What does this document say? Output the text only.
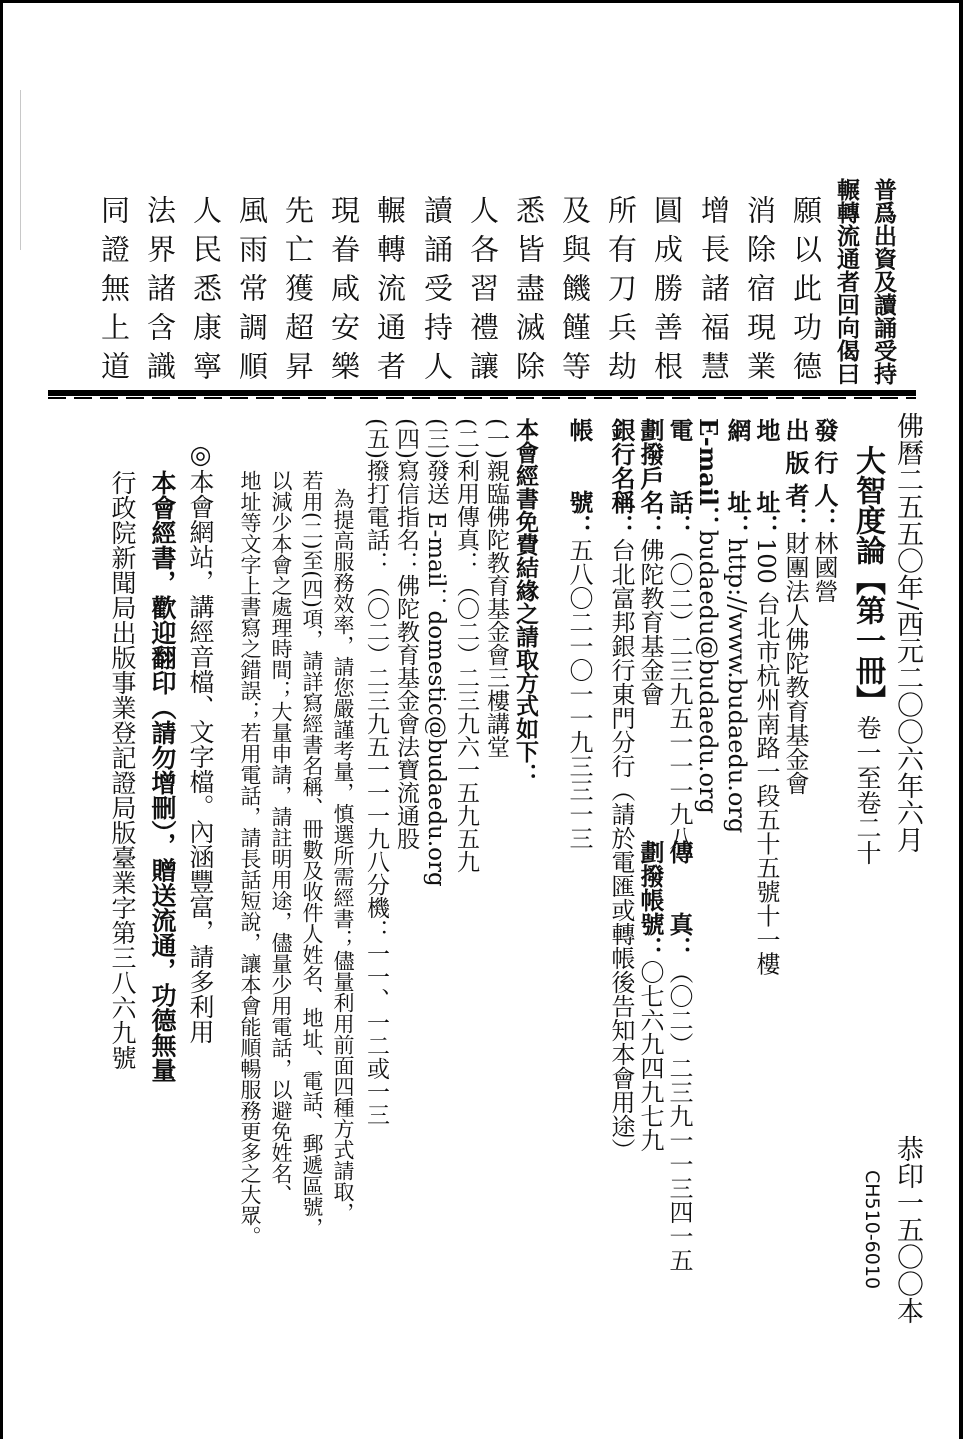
普爲出資及讀誦受持
輾轉流通者回向偈曰
願以此功德
消除宿現業
增長諸福慧
圓成勝善根
所有刀兵劫
及與饑饉等
悉皆盡滅除
人各習禮讓
讀誦受持人
輾轉流通者
現眷咸安樂
先亡獲超昇
風雨常調順
人民悉康寧
法界諸含識
同證無上道
佛曆二五五〇年/西元二〇〇六年六月
恭印一五〇〇本
CH510-6010
大智度論【第一冊】卷一至卷二十
發 行 人：林國營
出 版 者：財團法人佛陀教育基金會
地　　址：100 台北市杭州南路一段五十五號十一樓
網　　址：http://www.budaedu.org
E-mail：budaedu@budaedu.org
電　　話：（〇二）二三九五一一一九八
傳　　真：（〇二）二三九一一三四一五
劃撥戶名：佛陀教育基金會
劃撥帳號：〇七六九四九七九
銀行名稱：台北富邦銀行東門分行（請於電匯或轉帳後告知本會用途）
帳　　號：五八〇二一〇一一九三三一三
本會經書免費結緣之請取方式如下：
(一)親臨佛陀教育基金會三樓講堂
(二)利用傳真：（〇二）二三九六一五九五九
(三)發送 E-mail：domestic@budaedu.org
(四)寫信指名：佛陀教育基金會法寶流通股
(五)撥打電話：（〇二）二三九五一一一九八分機：一一、一二或一三
為提高服務效率，請您嚴謹考量，慎選所需經書；儘量利用前面四種方式請取，
若用(二)至(四)項，請詳寫經書名稱、冊數及收件人姓名、地址、電話、郵遞區號，
以減少本會之處理時間；大量申請，請註明用途，儘量少用電話，以避免姓名、
地址等文字上書寫之錯誤；若用電話，請長話短說，讓本會能順暢服務更多之大眾。
◎本會網站，講經音檔、文字檔。內涵豐富，請多利用
本會經書，歡迎翻印（請勿增刪），贈送流通，功德無量
行政院新聞局出版事業登記證局版臺業字第三八六九號
